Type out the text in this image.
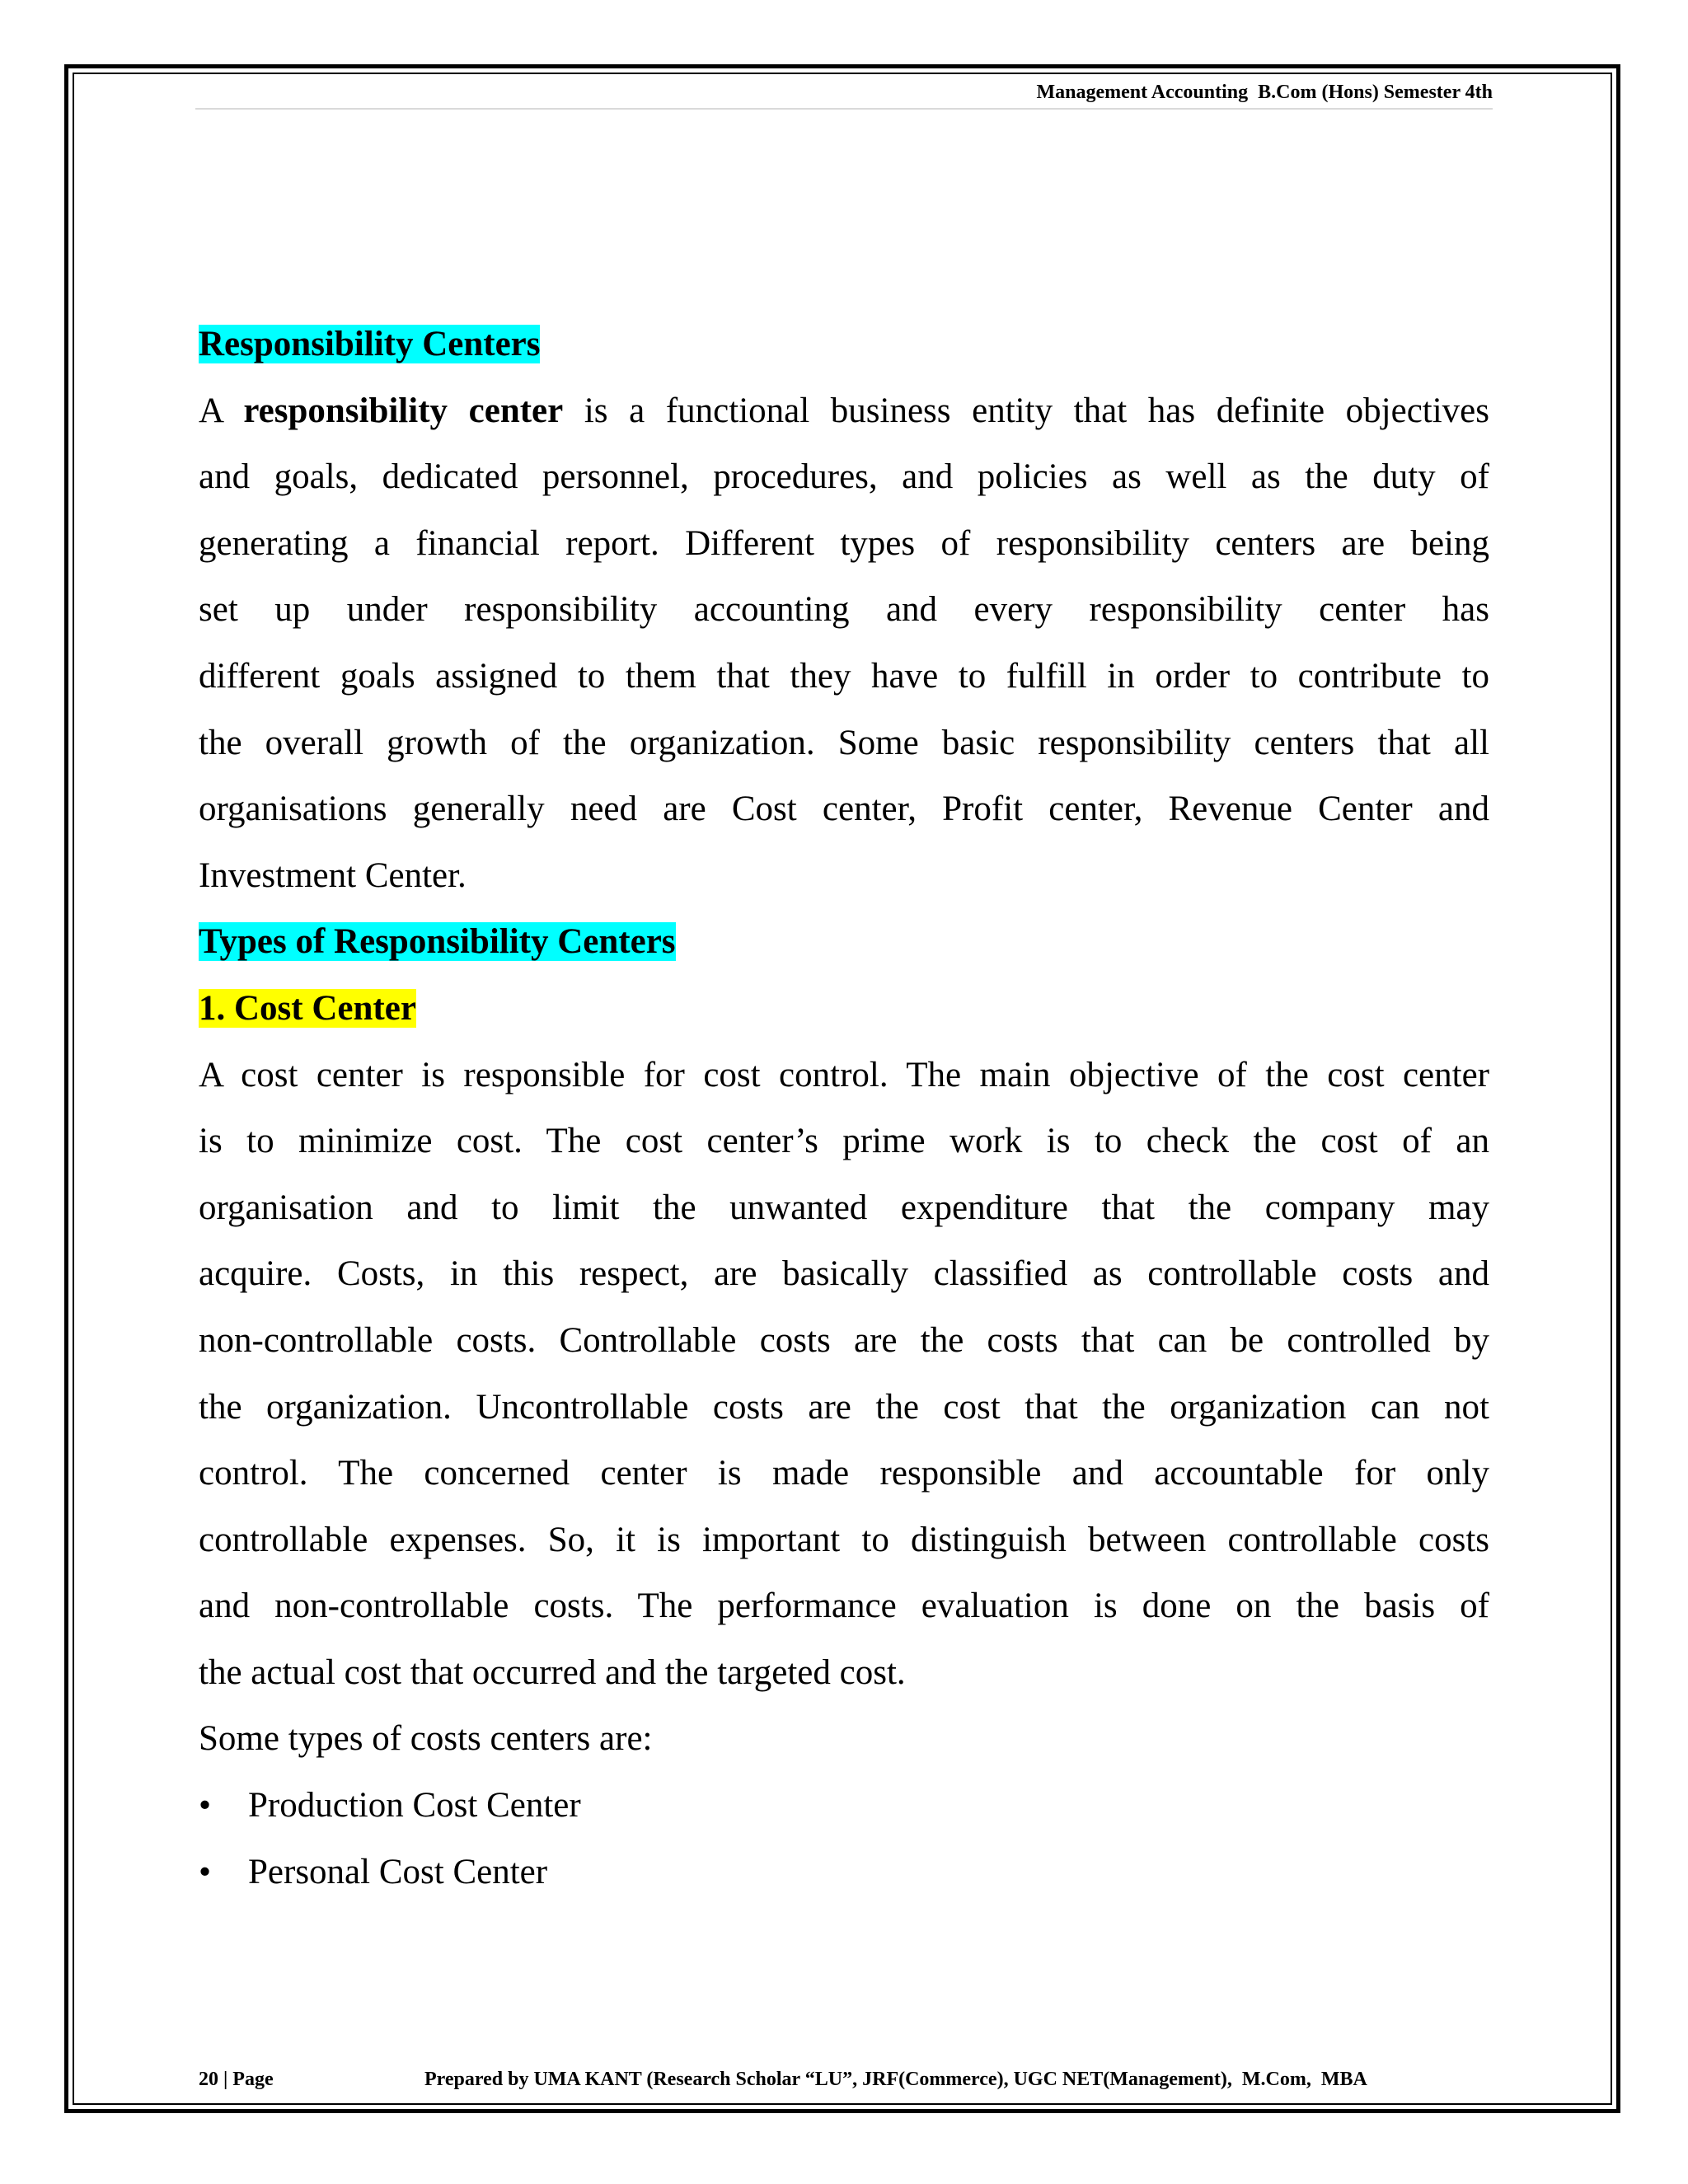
Management Accounting  B.Com (Hons) Semester 4th
Responsibility Centers
A responsibility center is a functional business entity that has definite objectives
and goals, dedicated personnel, procedures, and policies as well as the duty of
generating a financial report. Different types of responsibility centers are being
set up under responsibility accounting and every responsibility center has
different goals assigned to them that they have to fulfill in order to contribute to
the overall growth of the organization. Some basic responsibility centers that all
organisations generally need are Cost center, Profit center, Revenue Center and
Investment Center.
Types of Responsibility Centers
1. Cost Center
A cost center is responsible for cost control. The main objective of the cost center
is to minimize cost. The cost center’s prime work is to check the cost of an
organisation and to limit the unwanted expenditure that the company may
acquire. Costs, in this respect, are basically classified as controllable costs and
non-controllable costs. Controllable costs are the costs that can be controlled by
the organization. Uncontrollable costs are the cost that the organization can not
control. The concerned center is made responsible and accountable for only
controllable expenses. So, it is important to distinguish between controllable costs
and non-controllable costs. The performance evaluation is done on the basis of
the actual cost that occurred and the targeted cost.
Some types of costs centers are:
•	Production Cost Center
•	Personal Cost Center
20 | Page	Prepared by UMA KANT (Research Scholar “LU”, JRF(Commerce), UGC NET(Management),  M.Com,  MBA
